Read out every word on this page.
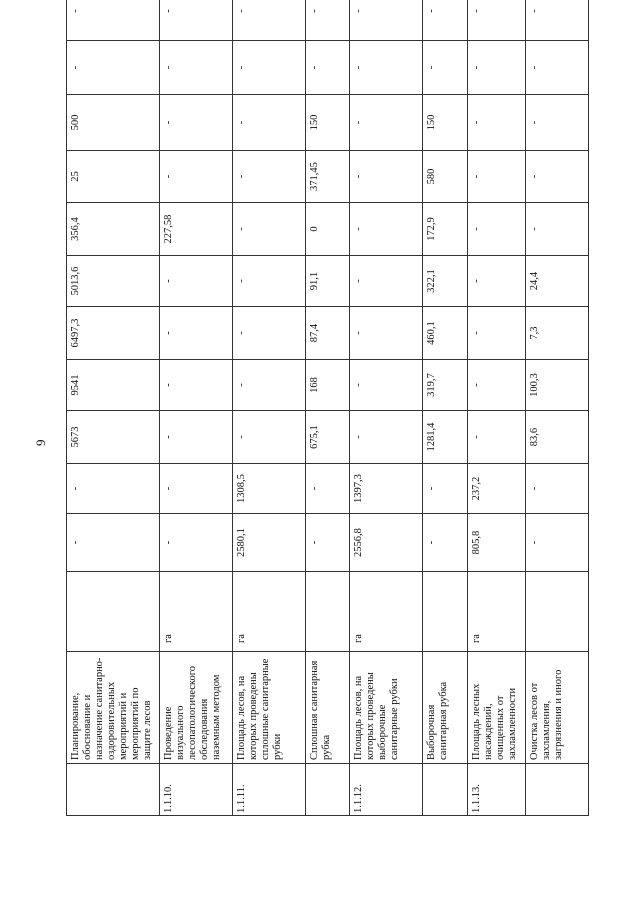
9
	Планирование, обоснование и назначение санитарно-оздоровительных мероприятий и мероприятий по защите лесов		-	-	5673	9541	6497,3	5013,6	356,4	25	500	-	-
1.1.10.	Проведение визуального лесопатологического обследования наземным методом	га	-	-	-	-	-	-	227,58	-	-	-	-
1.1.11.	Площадь лесов, на которых проведены сплошные санитарные рубки	га	2580,1	1308,5	-	-	-	-	-	-	-	-	-
	Сплошная санитарная рубка		-	-	675,1	168	87,4	91,1	0	371,45	150	-	-
1.1.12.	Площадь лесов, на которых проведены выборочные санитарные рубки	га	2556,8	1397,3	-	-	-	-	-	-	-	-	-
	Выборочная санитарная рубка		-	-	1281,4	319,7	460,1	322,1	172,9	580	150	-	-
1.1.13.	Площадь лесных насаждений, очищенных от захламленности	га	805,8	237,2	-	-	-	-	-	-	-	-	-
	Очистка лесов от захламления, загрязнения и иного		-	-	83,6	100,3	7,3	24,4	-	-	-	-	-
